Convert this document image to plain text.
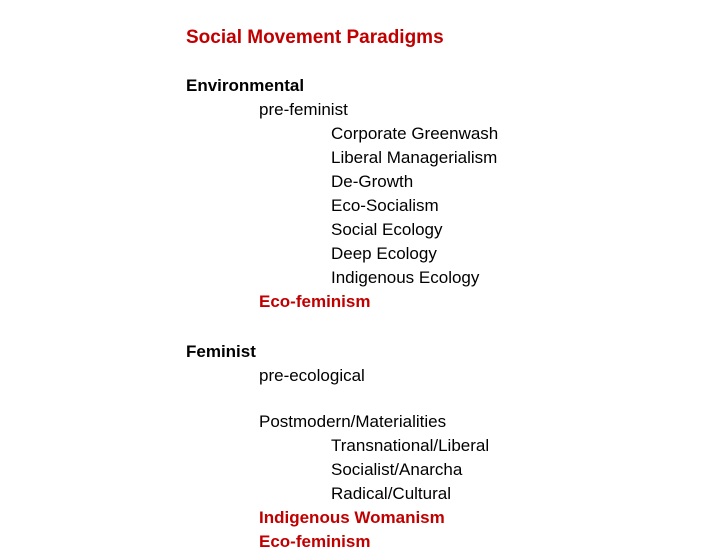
Social Movement Paradigms
Environmental
pre-feminist
Corporate Greenwash
Liberal Managerialism
De-Growth
Eco-Socialism
Social Ecology
Deep Ecology
Indigenous Ecology
Eco-feminism
Feminist
pre-ecological
Postmodern/Materialities
Transnational/Liberal
Socialist/Anarcha
Radical/Cultural
Indigenous Womanism
Eco-feminism
